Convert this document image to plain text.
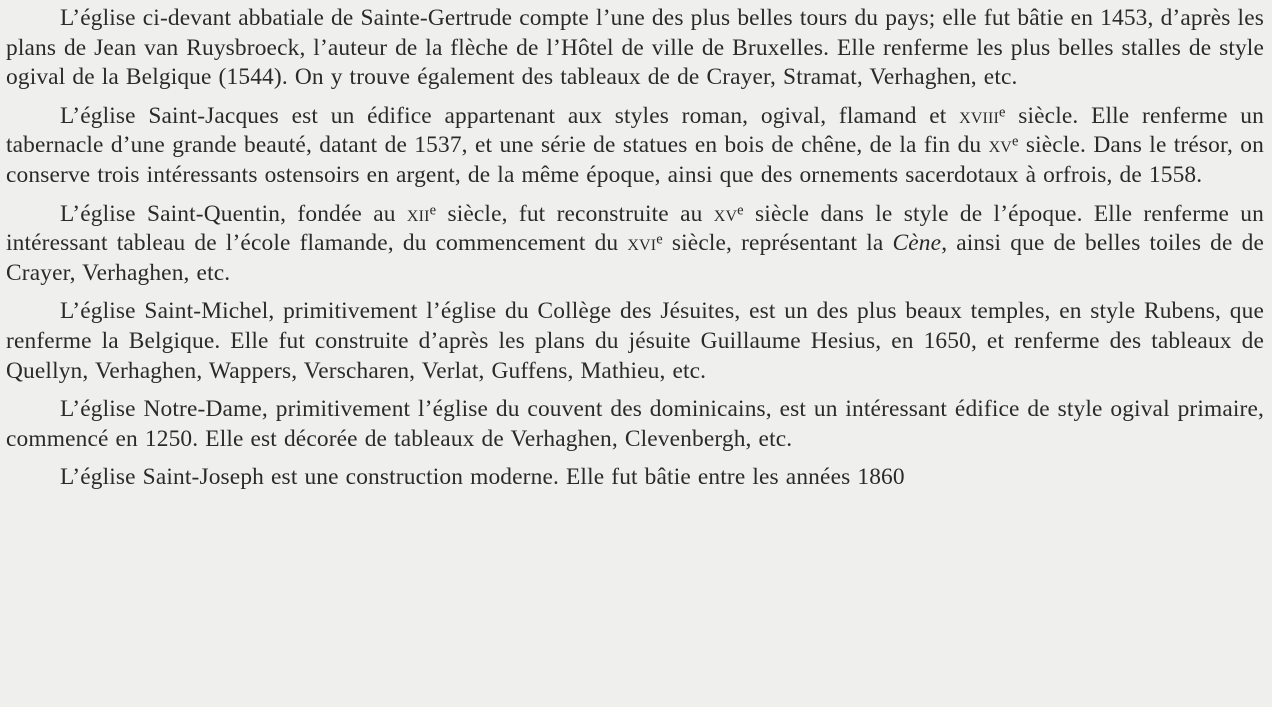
L’église ci-devant abbatiale de Sainte-Gertrude compte l’une des plus belles tours du pays; elle fut bâtie en 1453, d’après les plans de Jean van Ruysbroeck, l’auteur de la flèche de l’Hôtel de ville de Bruxelles. Elle renferme les plus belles stalles de style ogival de la Belgique (1544). On y trouve également des tableaux de de Crayer, Stramat, Verhaghen, etc.

L’église Saint-Jacques est un édifice appartenant aux styles roman, ogival, flamand et xviii$^e$ siècle. Elle renferme un tabernacle d’une grande beauté, datant de 1537, et une série de statues en bois de chêne, de la fin du $xv^e$ siècle. Dans le trésor, on conserve trois intéressants ostensoirs en argent, de la même époque, ainsi que des ornements sacerdotaux à orfrois, de 1558.

L’église Saint-Quentin, fondée au xii$^e$ siècle, fut reconstruite au $xv^e$ siècle dans le style de l’époque. Elle renferme un intéressant tableau de l’école flamande, du commencement du xvi$^e$ siècle, représentant la Cène, ainsi que de belles toiles de de Crayer, Verhaghen, etc.

L’église Saint-Michel, primitivement l’église du Collège des Jésuites, est un des plus beaux temples, en style Rubens, que renferme la Belgique. Elle fut construite d’après les plans du jésuite Guillaume Hesius, en 1650, et renferme des tableaux de Quellyn, Verhaghen, Wappers, Verscharen, Verlat, Guffens, Mathieu, etc.

L’église Notre-Dame, primitivement l’église du couvent des dominicains, est un intéressant édifice de style ogival primaire, commencé en 1250. Elle est décorée de tableaux de Verhaghen, Clevenbergh, etc.

L’église Saint-Joseph est une construction moderne. Elle fut bâtie entre les années 1860
